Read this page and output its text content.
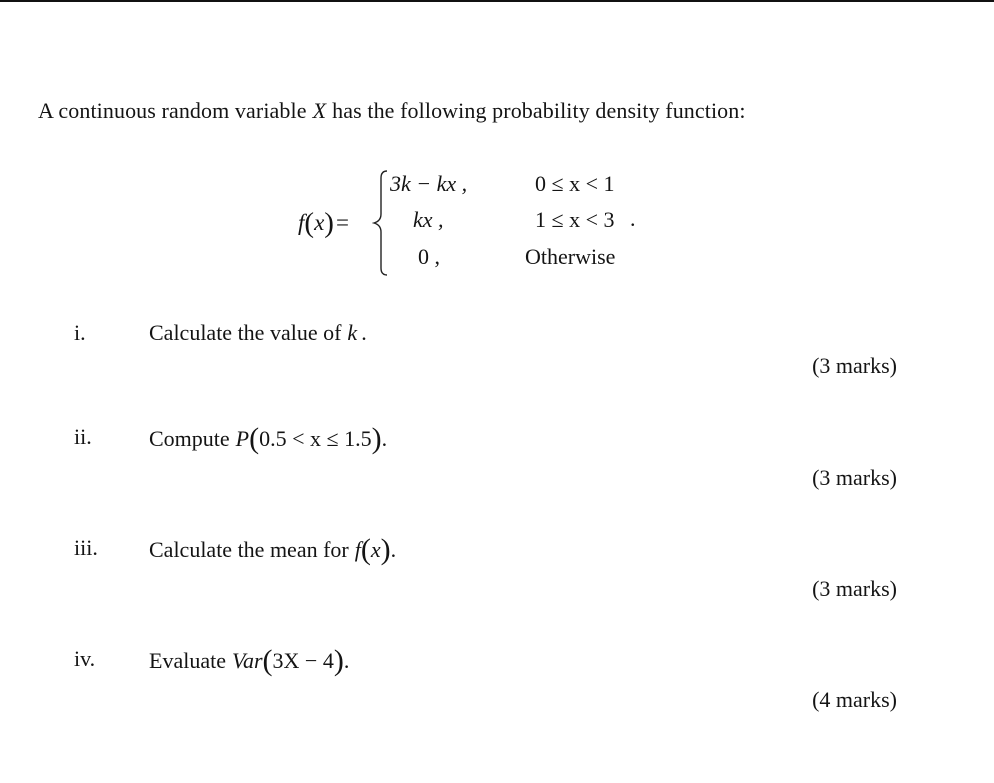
A continuous random variable X has the following probability density function:
f(x)=
3k − kx ,
kx ,
0 ,
0 ≤ x < 1
1 ≤ x < 3
Otherwise
.
i.	Calculate the value of k .
(3 marks)
ii.	Compute P(0.5 < x ≤ 1.5).
(3 marks)
iii. Calculate the mean for f(x).
(3 marks)
iv. Evaluate Var(3X − 4).
(4 marks)
